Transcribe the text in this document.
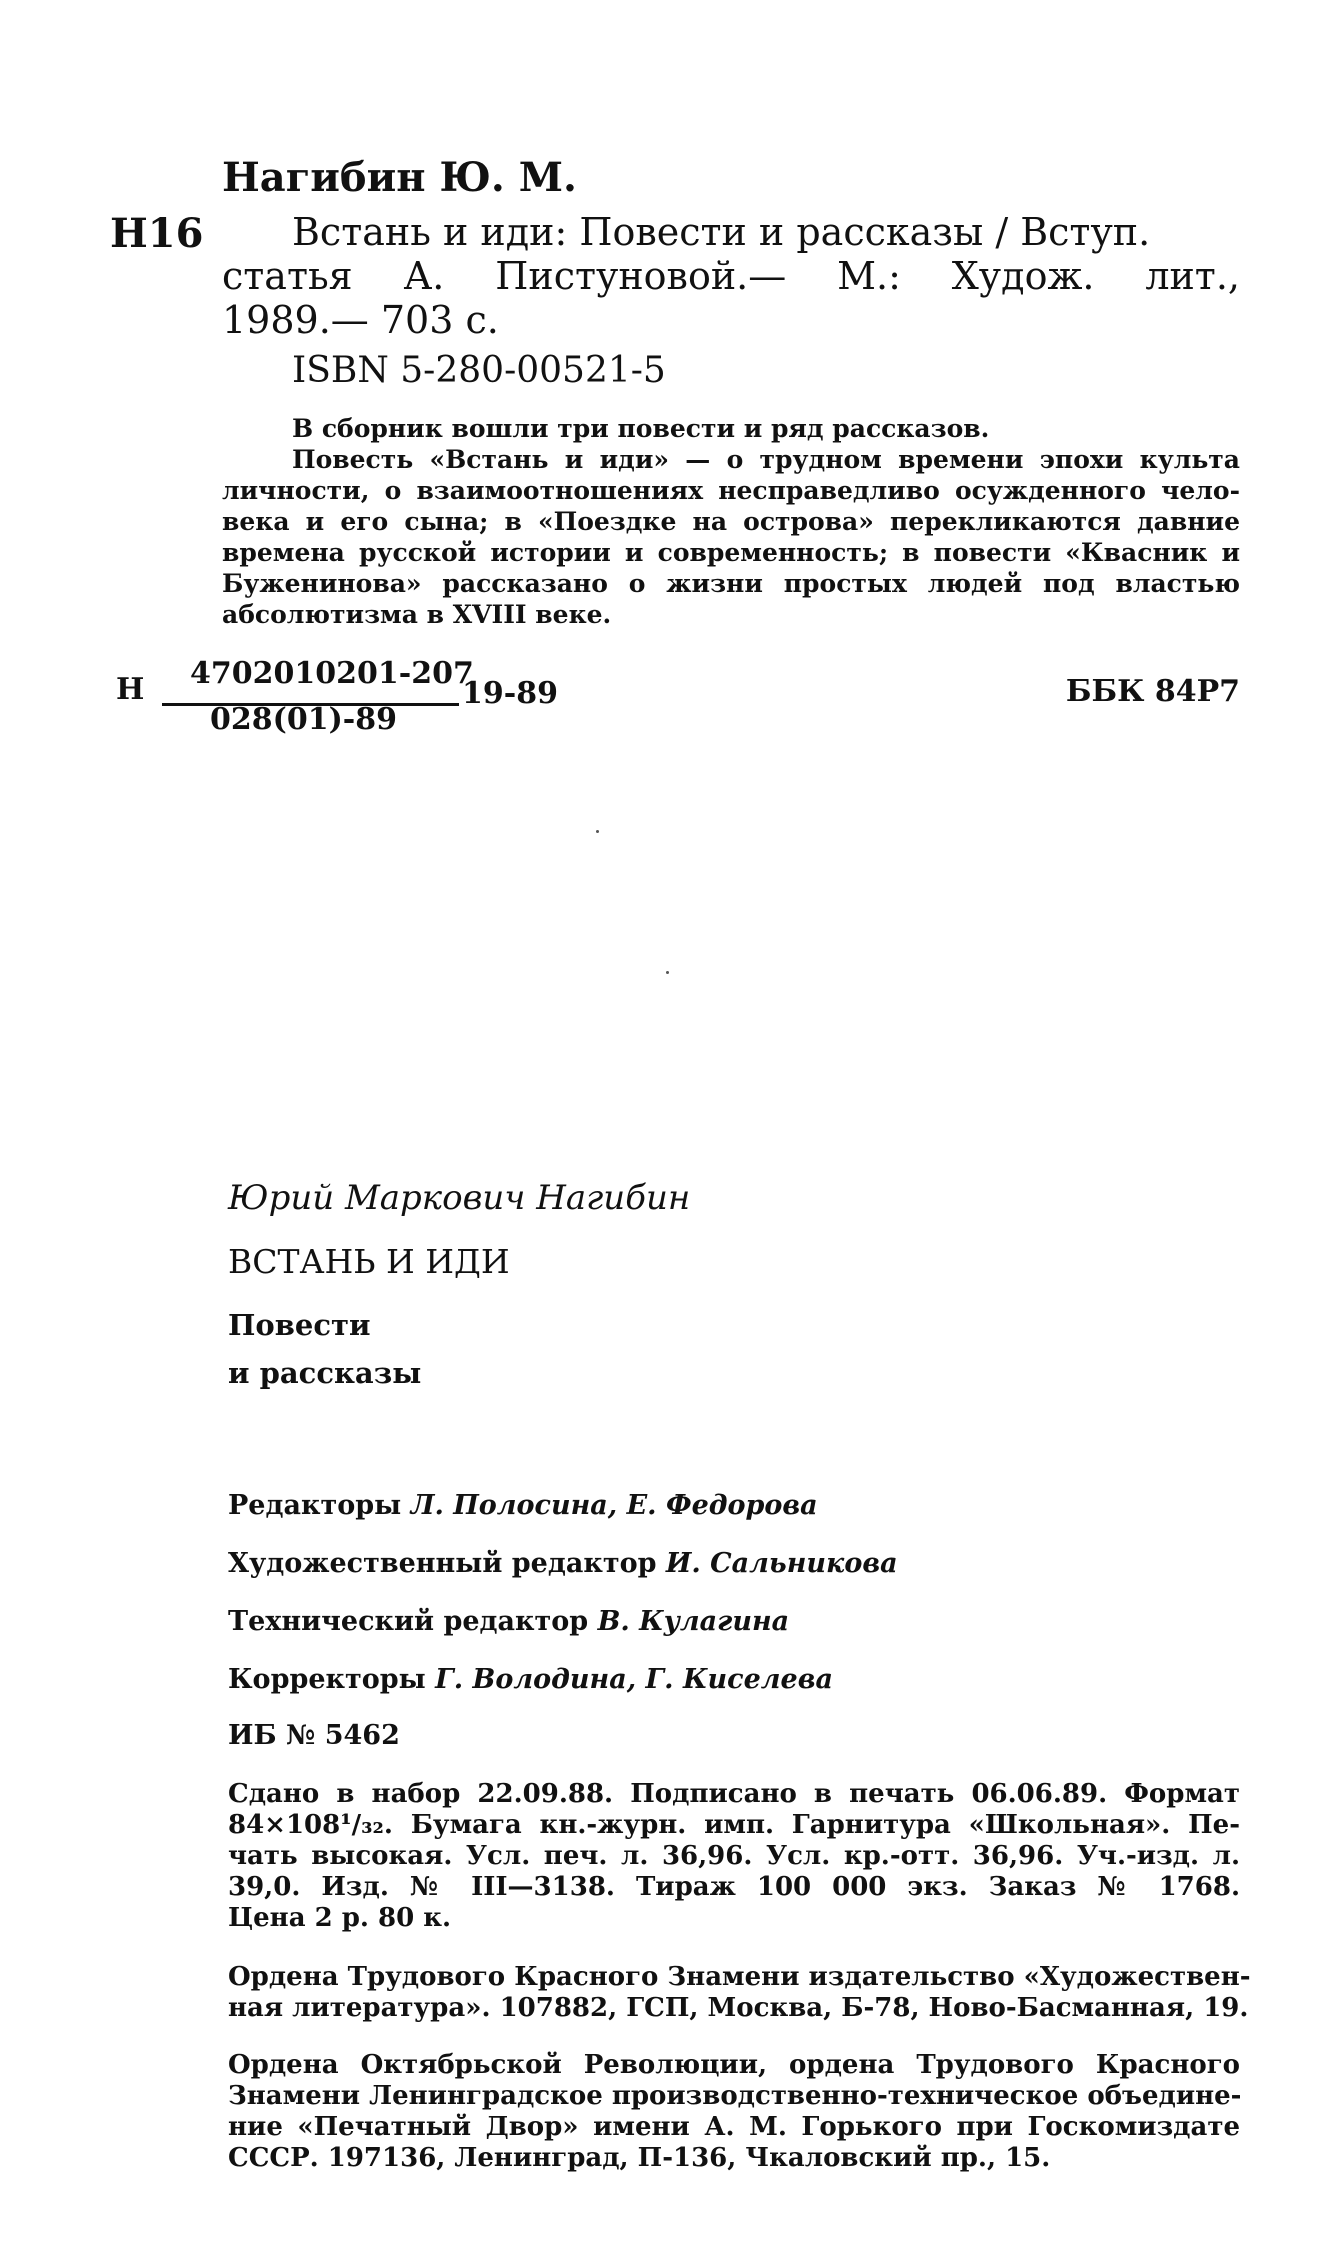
Нагибин Ю. М.
Н16 Встань и иди: Повести и рассказы / Вступ.
статья А. Пистуновой.— М.: Худож. лит.,
1989.— 703 с.
ISBN 5-280-00521-5
В сборник вошли три повести и ряд рассказов.
Повесть «Встань и иди» — о трудном времени эпохи культа
личности, о взаимоотношениях несправедливо осужденного чело-
века и его сына; в «Поездке на острова» перекликаются давние
времена русской истории и современность; в повести «Квасник и
Буженинова» рассказано о жизни простых людей под властью
абсолютизма в XVIII веке.
Н 4702010201-207
028(01)-89
19-89	ББК 84Р7
Юрий Маркович Нагибин
ВСТАНЬ И ИДИ
Повести
и рассказы
Редакторы Л. Полосина, Е. Федорова
Художественный редактор И. Сальникова
Технический редактор В. Кулагина
Корректоры Г. Володина, Г. Киселева
ИБ № 5462
Сдано в набор 22.09.88. Подписано в печать 06.06.89. Формат
84×108¹/₃₂. Бумага кн.-журн. имп. Гарнитура «Школьная». Пе-
чать высокая. Усл. печ. л. 36,96. Усл. кр.-отт. 36,96. Уч.-изд. л.
39,0. Изд. № III—3138. Тираж 100 000 экз. Заказ № 1768.
Цена 2 р. 80 к.
Ордена Трудового Красного Знамени издательство «Художествен-
ная литература». 107882, ГСП, Москва, Б-78, Ново-Басманная, 19.
Ордена Октябрьской Революции, ордена Трудового Красного
Знамени Ленинградское производственно-техническое объедине-
ние «Печатный Двор» имени А. М. Горького при Госкомиздате
СССР. 197136, Ленинград, П-136, Чкаловский пр., 15.
